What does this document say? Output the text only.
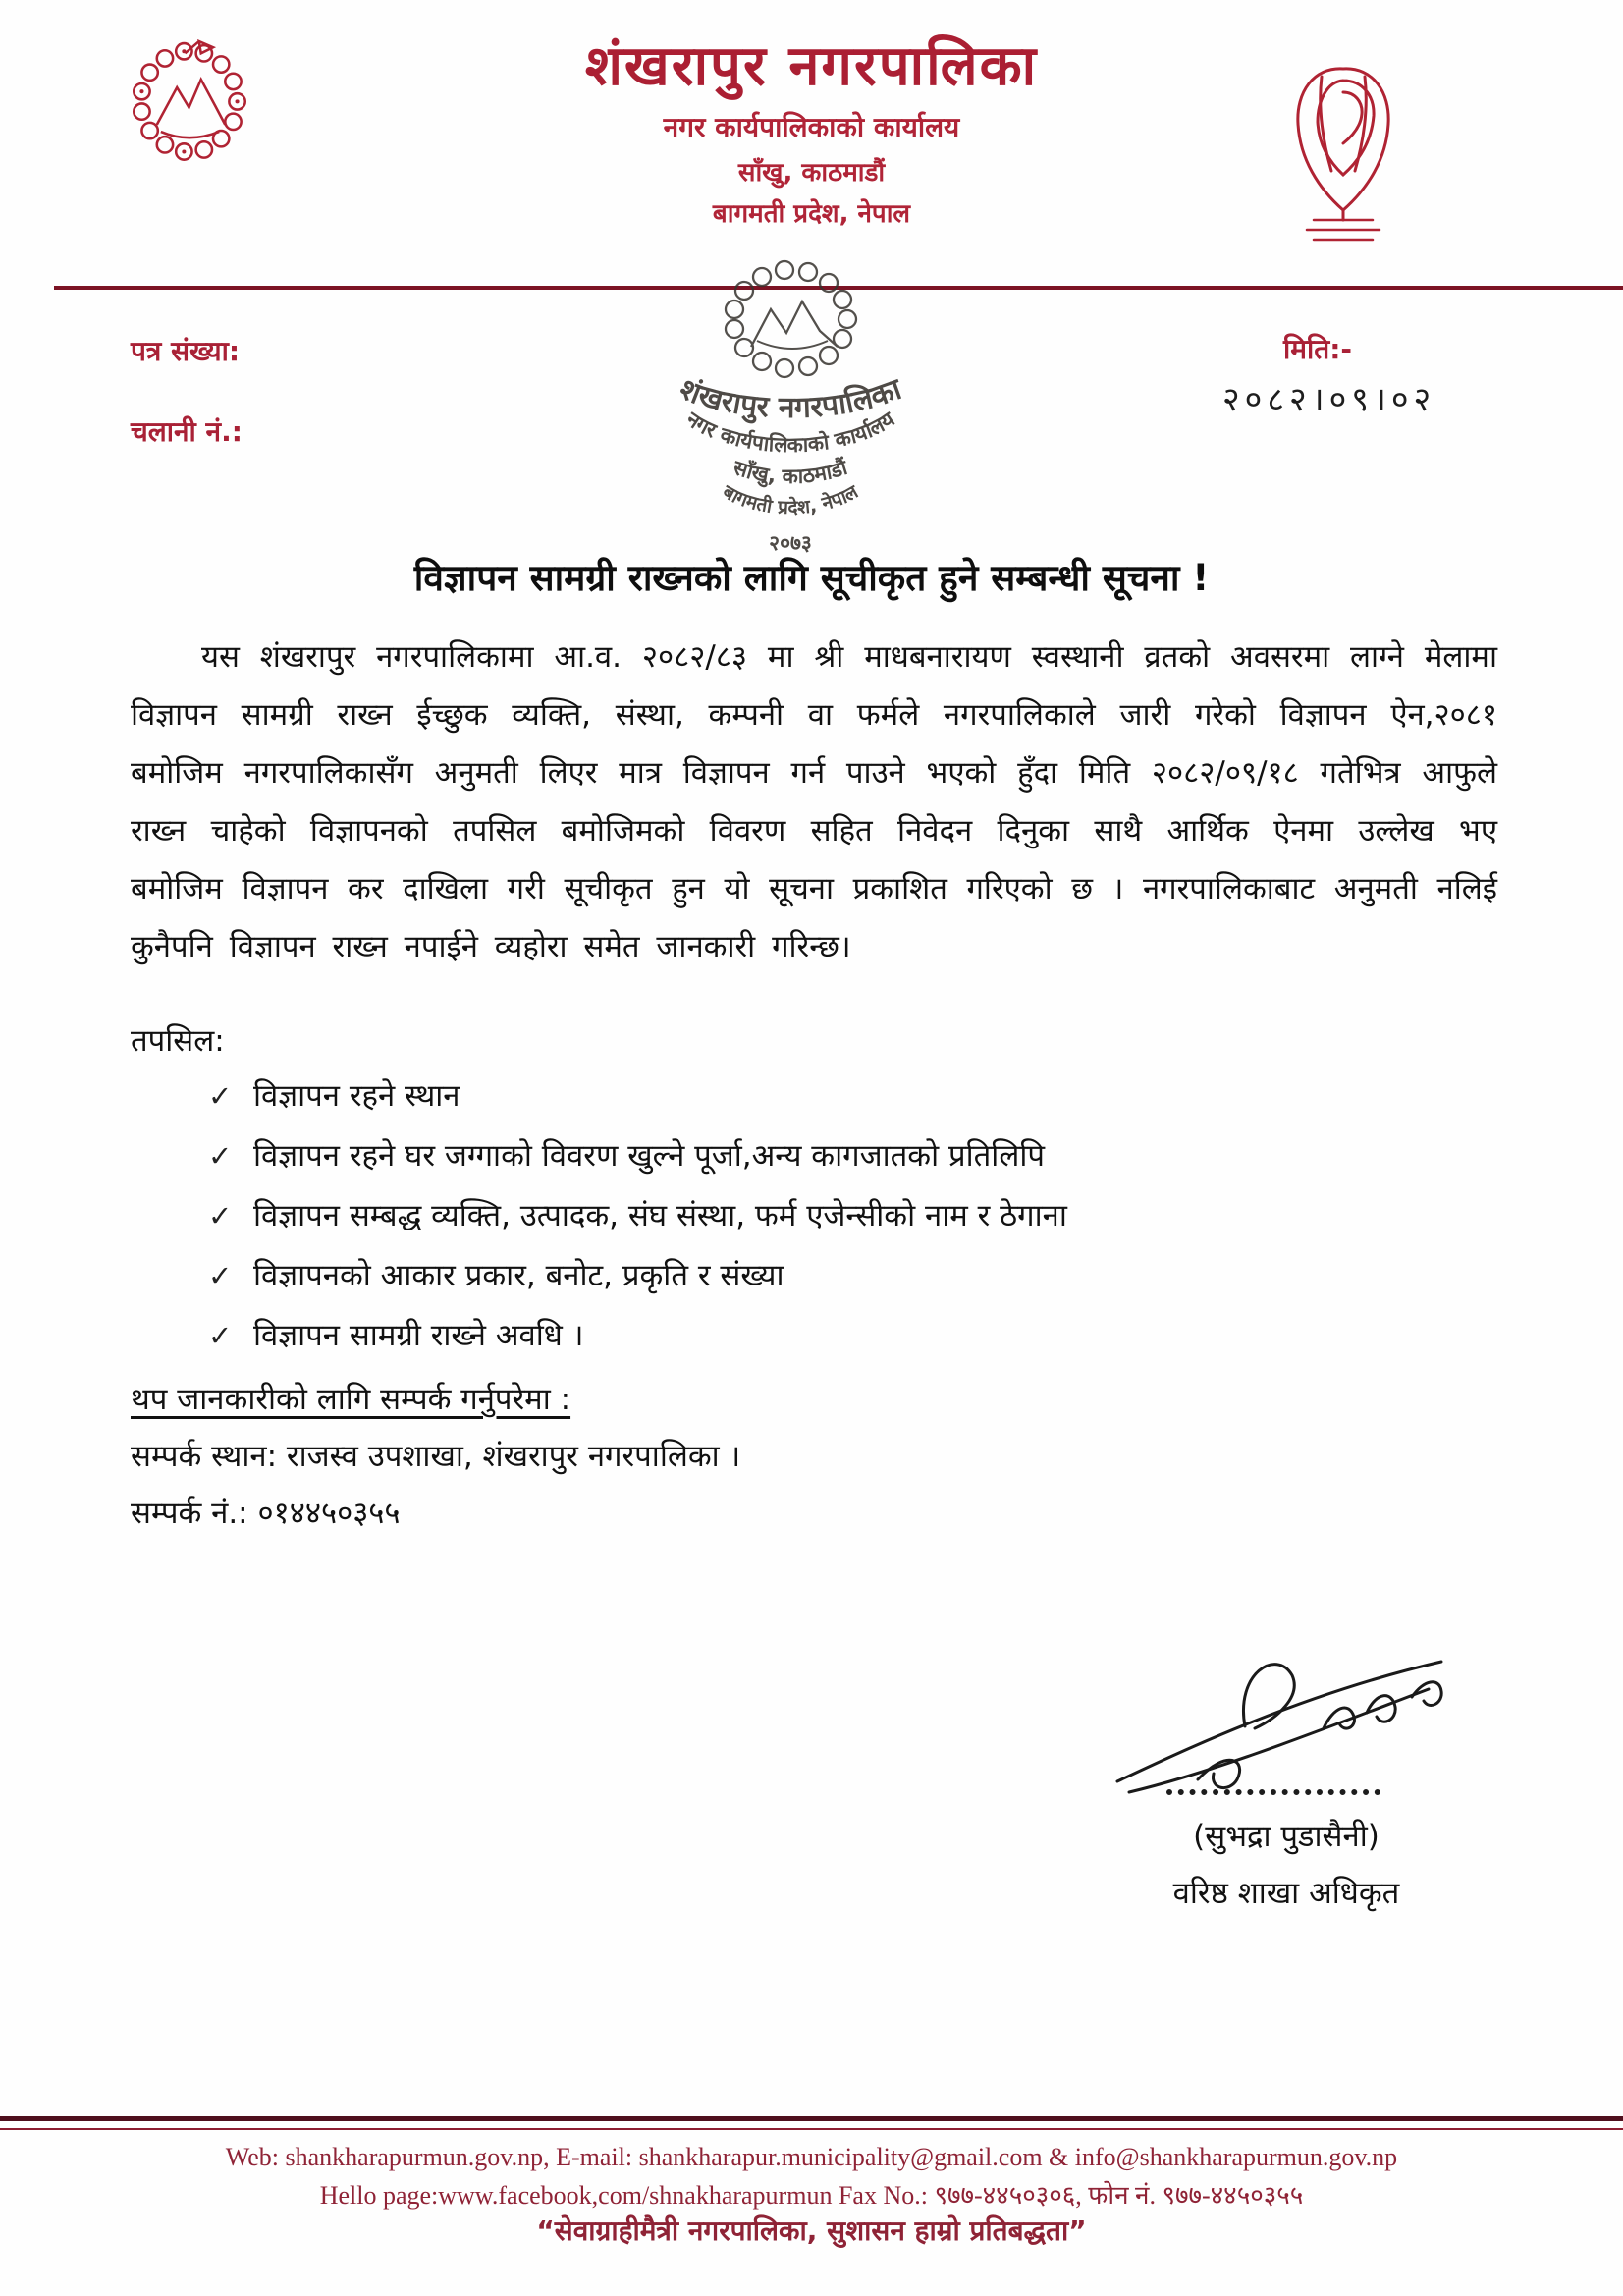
शंखरापुर नगरपालिका
नगर कार्यपालिकाको कार्यालय
साँखु, काठमाडौं
बागमती प्रदेश, नेपाल
पत्र संख्या:
चलानी नं.:
मिति:-
२०८२।०९।०२
शंखरापुर नगरपालिका
नगर कार्यपालिकाको कार्यालय
साँखु, काठमाडौं
बागमती प्रदेश, नेपाल
२०७३
विज्ञापन सामग्री राख्नको लागि सूचीकृत हुने सम्बन्धी सूचना !
यस शंखरापुर नगरपालिकामा आ.व. २०८२/८३ मा श्री माधबनारायण स्वस्थानी व्रतको अवसरमा लाग्ने मेलामा विज्ञापन सामग्री राख्न ईच्छुक व्यक्ति, संस्था, कम्पनी वा फर्मले नगरपालिकाले जारी गरेको विज्ञापन ऐन,२०८१ बमोजिम नगरपालिकासँग अनुमती लिएर मात्र विज्ञापन गर्न पाउने भएको हुँदा मिति २०८२/०९/१८ गतेभित्र आफुले राख्न चाहेको विज्ञापनको तपसिल बमोजिमको विवरण सहित निवेदन दिनुका साथै आर्थिक ऐनमा उल्लेख भए बमोजिम विज्ञापन कर दाखिला गरी सूचीकृत हुन यो सूचना प्रकाशित गरिएको छ । नगरपालिकाबाट अनुमती नलिई कुनैपनि विज्ञापन राख्न नपाईने व्यहोरा समेत जानकारी गरिन्छ।
तपसिल:
✓ विज्ञापन रहने स्थान
✓ विज्ञापन रहने घर जग्गाको विवरण खुल्ने पूर्जा,अन्य कागजातको प्रतिलिपि
✓ विज्ञापन सम्बद्ध व्यक्ति, उत्पादक, संघ संस्था, फर्म एजेन्सीको नाम र ठेगाना
✓ विज्ञापनको आकार प्रकार, बनोट, प्रकृति र संख्या
✓ विज्ञापन सामग्री राख्ने अवधि ।
थप जानकारीको लागि सम्पर्क गर्नुपरेमा :
सम्पर्क स्थान: राजस्व उपशाखा, शंखरापुर नगरपालिका ।
सम्पर्क नं.: ०१४४५०३५५
(सुभद्रा पुडासैनी)
वरिष्ठ शाखा अधिकृत
Web: shankharapurmun.gov.np, E-mail: shankharapur.municipality@gmail.com & info@shankharapurmun.gov.np
Hello page:www.facebook,com/shnakharapurmun Fax No.: ९७७-४४५०३०६, फोन नं. ९७७-४४५०३५५
“सेवाग्राहीमैत्री नगरपालिका, सुशासन हाम्रो प्रतिबद्धता”
